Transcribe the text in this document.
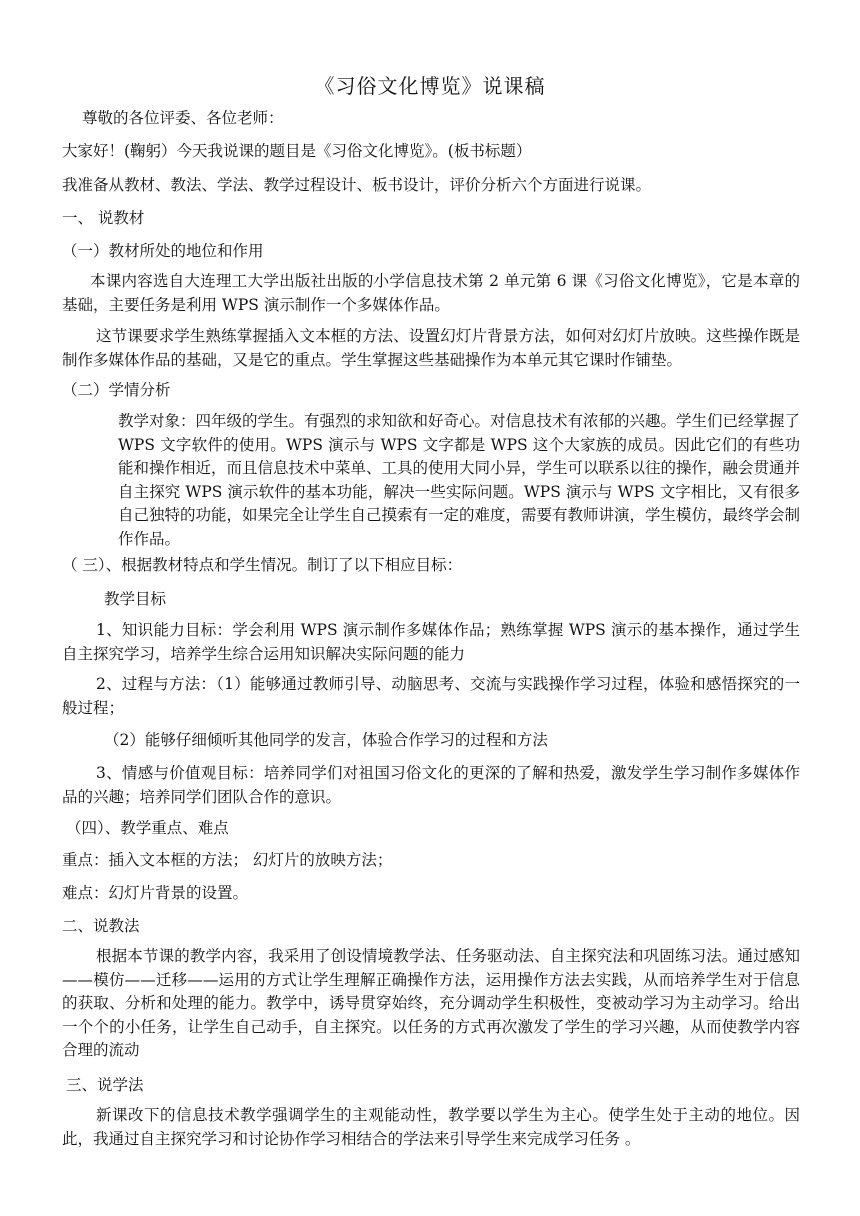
《习俗文化博览》说课稿
尊敬的各位评委、各位老师：
大家好！(鞠躬）今天我说课的题目是《习俗文化博览》。(板书标题）
我准备从教材、教法、学法、教学过程设计、板书设计，评价分析六个方面进行说课。
一、 说教材
（一）教材所处的地位和作用
本课内容选自大连理工大学出版社出版的小学信息技术第 2 单元第 6 课《习俗文化博览》，它是本章的基础，主要任务是利用 WPS 演示制作一个多媒体作品。
这节课要求学生熟练掌握插入文本框的方法、设置幻灯片背景方法，如何对幻灯片放映。这些操作既是制作多媒体作品的基础，又是它的重点。学生掌握这些基础操作为本单元其它课时作铺垫。
（二）学情分析
教学对象：四年级的学生。有强烈的求知欲和好奇心。对信息技术有浓郁的兴趣。学生们已经掌握了 WPS 文字软件的使用。WPS 演示与 WPS 文字都是 WPS 这个大家族的成员。因此它们的有些功能和操作相近，而且信息技术中菜单、工具的使用大同小异，学生可以联系以往的操作，融会贯通并自主探究 WPS 演示软件的基本功能，解决一些实际问题。WPS 演示与 WPS 文字相比，又有很多自己独特的功能，如果完全让学生自己摸索有一定的难度，需要有教师讲演，学生模仿，最终学会制作作品。
（ 三）、根据教材特点和学生情况。制订了以下相应目标：
教学目标
1、知识能力目标：学会利用 WPS 演示制作多媒体作品；熟练掌握 WPS 演示的基本操作，通过学生自主探究学习，培养学生综合运用知识解决实际问题的能力
2、过程与方法：（1）能够通过教师引导、动脑思考、交流与实践操作学习过程，体验和感悟探究的一般过程；
（2）能够仔细倾听其他同学的发言，体验合作学习的过程和方法
3、情感与价值观目标：培养同学们对祖国习俗文化的更深的了解和热爱，激发学生学习制作多媒体作品的兴趣；培养同学们团队合作的意识。
（四）、教学重点、难点
重点：插入文本框的方法； 幻灯片的放映方法；
难点：幻灯片背景的设置。
二、说教法
根据本节课的教学内容，我采用了创设情境教学法、任务驱动法、自主探究法和巩固练习法。通过感知——模仿——迁移——运用的方式让学生理解正确操作方法，运用操作方法去实践，从而培养学生对于信息的获取、分析和处理的能力。教学中，诱导贯穿始终，充分调动学生积极性，变被动学习为主动学习。给出一个个的小任务，让学生自己动手，自主探究。以任务的方式再次激发了学生的学习兴趣，从而使教学内容合理的流动
三、说学法
新课改下的信息技术教学强调学生的主观能动性，教学要以学生为主心。使学生处于主动的地位。因此，我通过自主探究学习和讨论协作学习相结合的学法来引导学生来完成学习任务 。
